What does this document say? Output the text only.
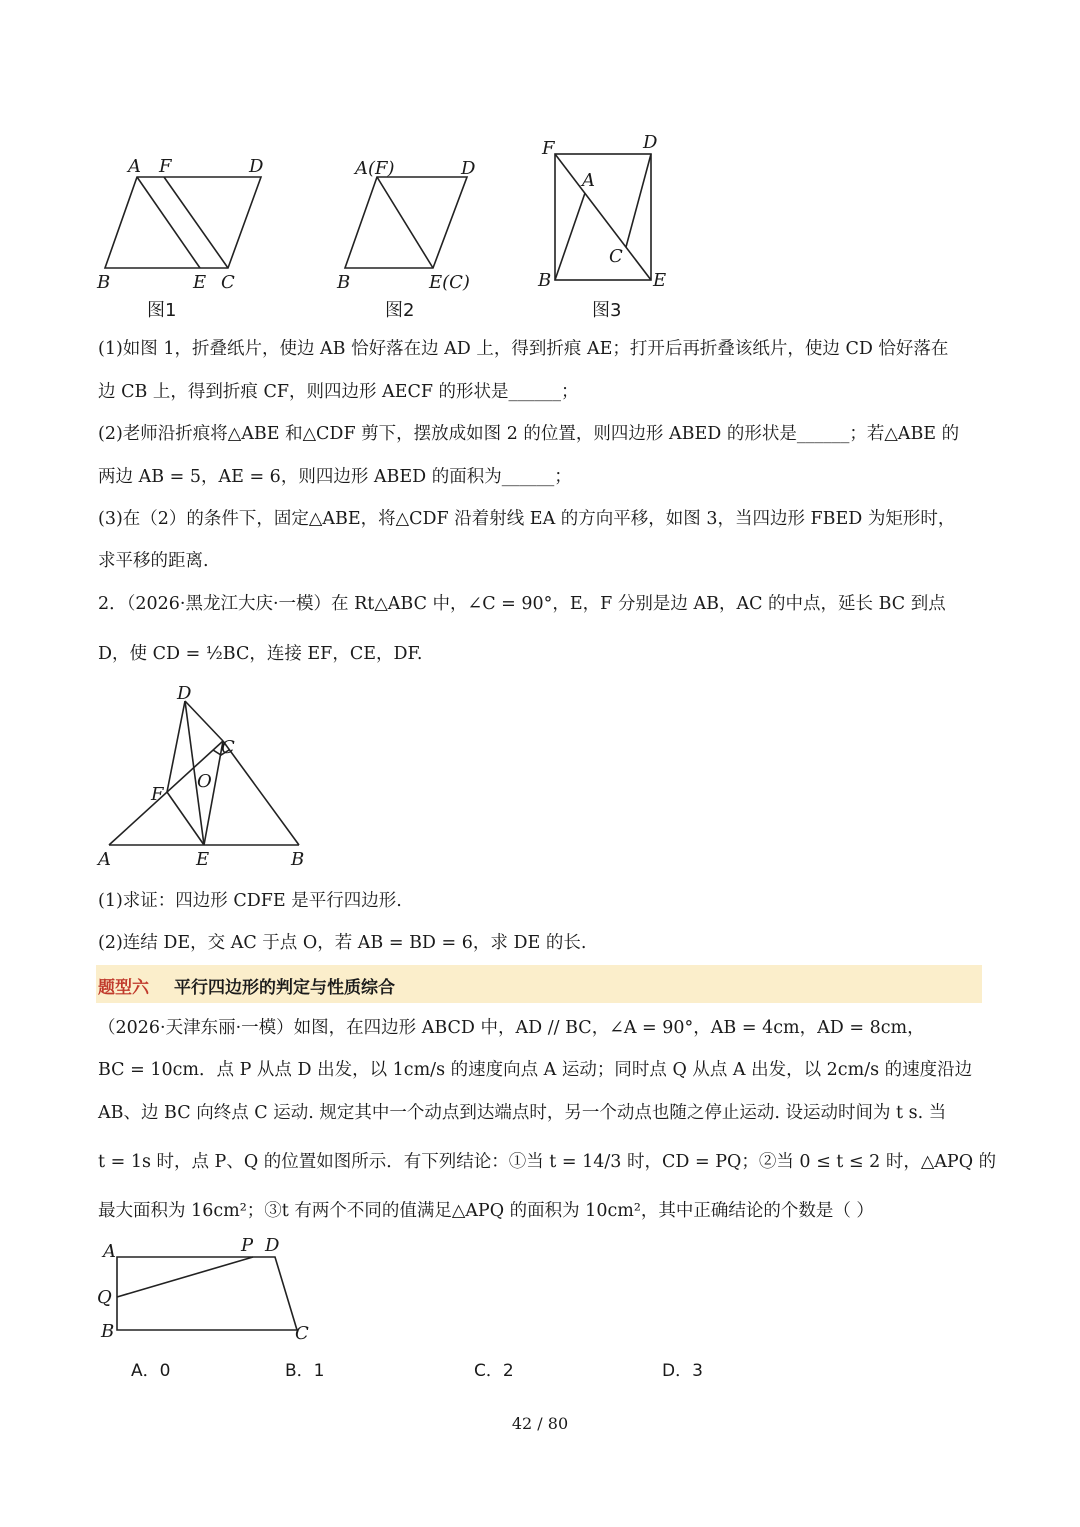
A F	D
B	E C
图1
A(F)	D
B	E(C)
图2
F	D
A
C
B	E
图3
(1)如图 1，折叠纸片，使边 AB 恰好落在边 AD 上，得到折痕 AE；打开后再折叠该纸片，使边 CD 恰好落在
边 CB 上，得到折痕 CF，则四边形 AECF 的形状是______；
(2)老师沿折痕将△ABE 和△CDF 剪下，摆放成如图 2 的位置，则四边形 ABED 的形状是______；若△ABE 的
两边 AB = 5，AE = 6，则四边形 ABED 的面积为______；
(3)在（2）的条件下，固定△ABE，将△CDF 沿着射线 EA 的方向平移，如图 3，当四边形 FBED 为矩形时，
求平移的距离.
2．（2026·黑龙江大庆·一模）在 Rt△ABC 中，∠C = 90°，E，F 分别是边 AB，AC 的中点，延长 BC 到点
D，使 CD = ½BC，连接 EF，CE，DF.
D
C
O
F
A	E	B
(1)求证：四边形 CDFE 是平行四边形.
(2)连结 DE，交 AC 于点 O，若 AB = BD = 6，求 DE 的长.
题型六 平行四边形的判定与性质综合
（2026·天津东丽·一模）如图，在四边形 ABCD 中，AD // BC，∠A = 90°，AB = 4cm，AD = 8cm，
BC = 10cm．点 P 从点 D 出发，以 1cm/s 的速度向点 A 运动；同时点 Q 从点 A 出发，以 2cm/s 的速度沿边
AB、边 BC 向终点 C 运动. 规定其中一个动点到达端点时，另一个动点也随之停止运动. 设运动时间为 t s. 当
t = 1s 时，点 P、Q 的位置如图所示．有下列结论：①当 t = 14/3 时，CD = PQ；②当 0 ≤ t ≤ 2 时，△APQ 的
最大面积为 16cm²；③t 有两个不同的值满足△APQ 的面积为 10cm²，其中正确结论的个数是（ ）
A	P D
Q
B	C
A．0	B．1	C．2	D．3
42 / 80
